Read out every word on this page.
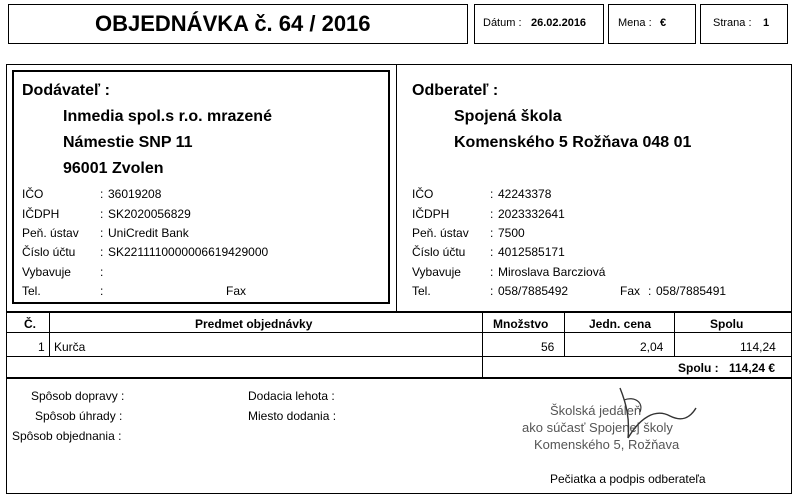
OBJEDNÁVKA č. 64 / 2016	Dátum : 26.02.2016	Mena : €	Strana : 1
Dodávateľ :
Inmedia spol.s r.o. mrazené
Námestie SNP 11
96001 Zvolen
IČO	: 36019208
IČDPH	: SK2020056829
Peň. ústav : UniCredit Bank
Číslo účtu : SK2211110000006619429000
Vybavuje :
Tel.	:	Fax
Odberateľ :
Spojená škola
Komenského 5 Rožňava 048 01
IČO	: 42243378
IČDPH	: 2023332641
Peň. ústav : 7500
Číslo účtu : 4012585171
Vybavuje : Miroslava Barcziová
Tel.	: 058/7885492	Fax : 058/7885491
Č.	Predmet objednávky	Množstvo	Jedn. cena	Spolu
1 Kurča	56	2,04	114,24
Spolu : 114,24 €
Spôsob dopravy :
Spôsob úhrady :
Spôsob objednania :
Dodacia lehota :
Miesto dodania :	Školská jedáleň
ako súčasť Spojenej školy
Komenského 5, Rožňava
Pečiatka a podpis odberateľa
